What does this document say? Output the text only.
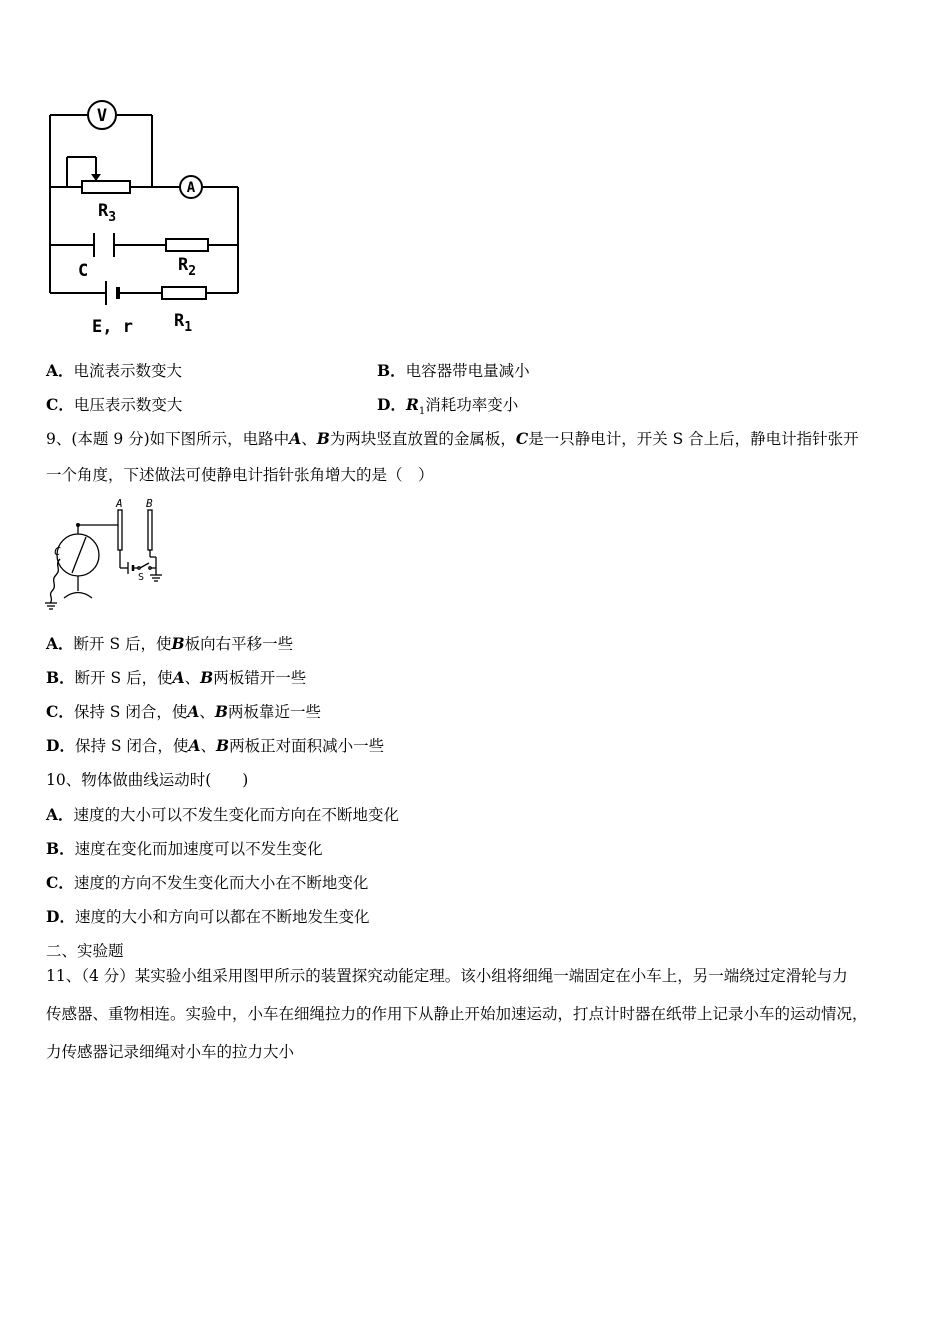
V
A
$R_3$
C	$R_2$
E, r $R_1$
A．电流表示数变大	B．电容器带电量减小
C．电压表示数变大	D．$R_1$消耗功率变小
9、(本题 9 分)如下图所示，电路中A、B为两块竖直放置的金属板，C是一只静电计，开关 S 合上后，静电计指针张开
一个角度，下述做法可使静电计指针张角增大的是（　）
A B
C
S
A．断开 S 后，使B板向右平移一些
B．断开 S 后，使A、B两板错开一些
C．保持 S 闭合，使A、B两板靠近一些
D．保持 S 闭合，使A、B两板正对面积减小一些
10、物体做曲线运动时(　　)
A．速度的大小可以不发生变化而方向在不断地变化
B．速度在变化而加速度可以不发生变化
C．速度的方向不发生变化而大小在不断地变化
D．速度的大小和方向可以都在不断地发生变化
二、实验题
11、（4 分）某实验小组采用图甲所示的装置探究动能定理。该小组将细绳一端固定在小车上，另一端绕过定滑轮与力
传感器、重物相连。实验中，小车在细绳拉力的作用下从静止开始加速运动，打点计时器在纸带上记录小车的运动情况，
力传感器记录细绳对小车的拉力大小
